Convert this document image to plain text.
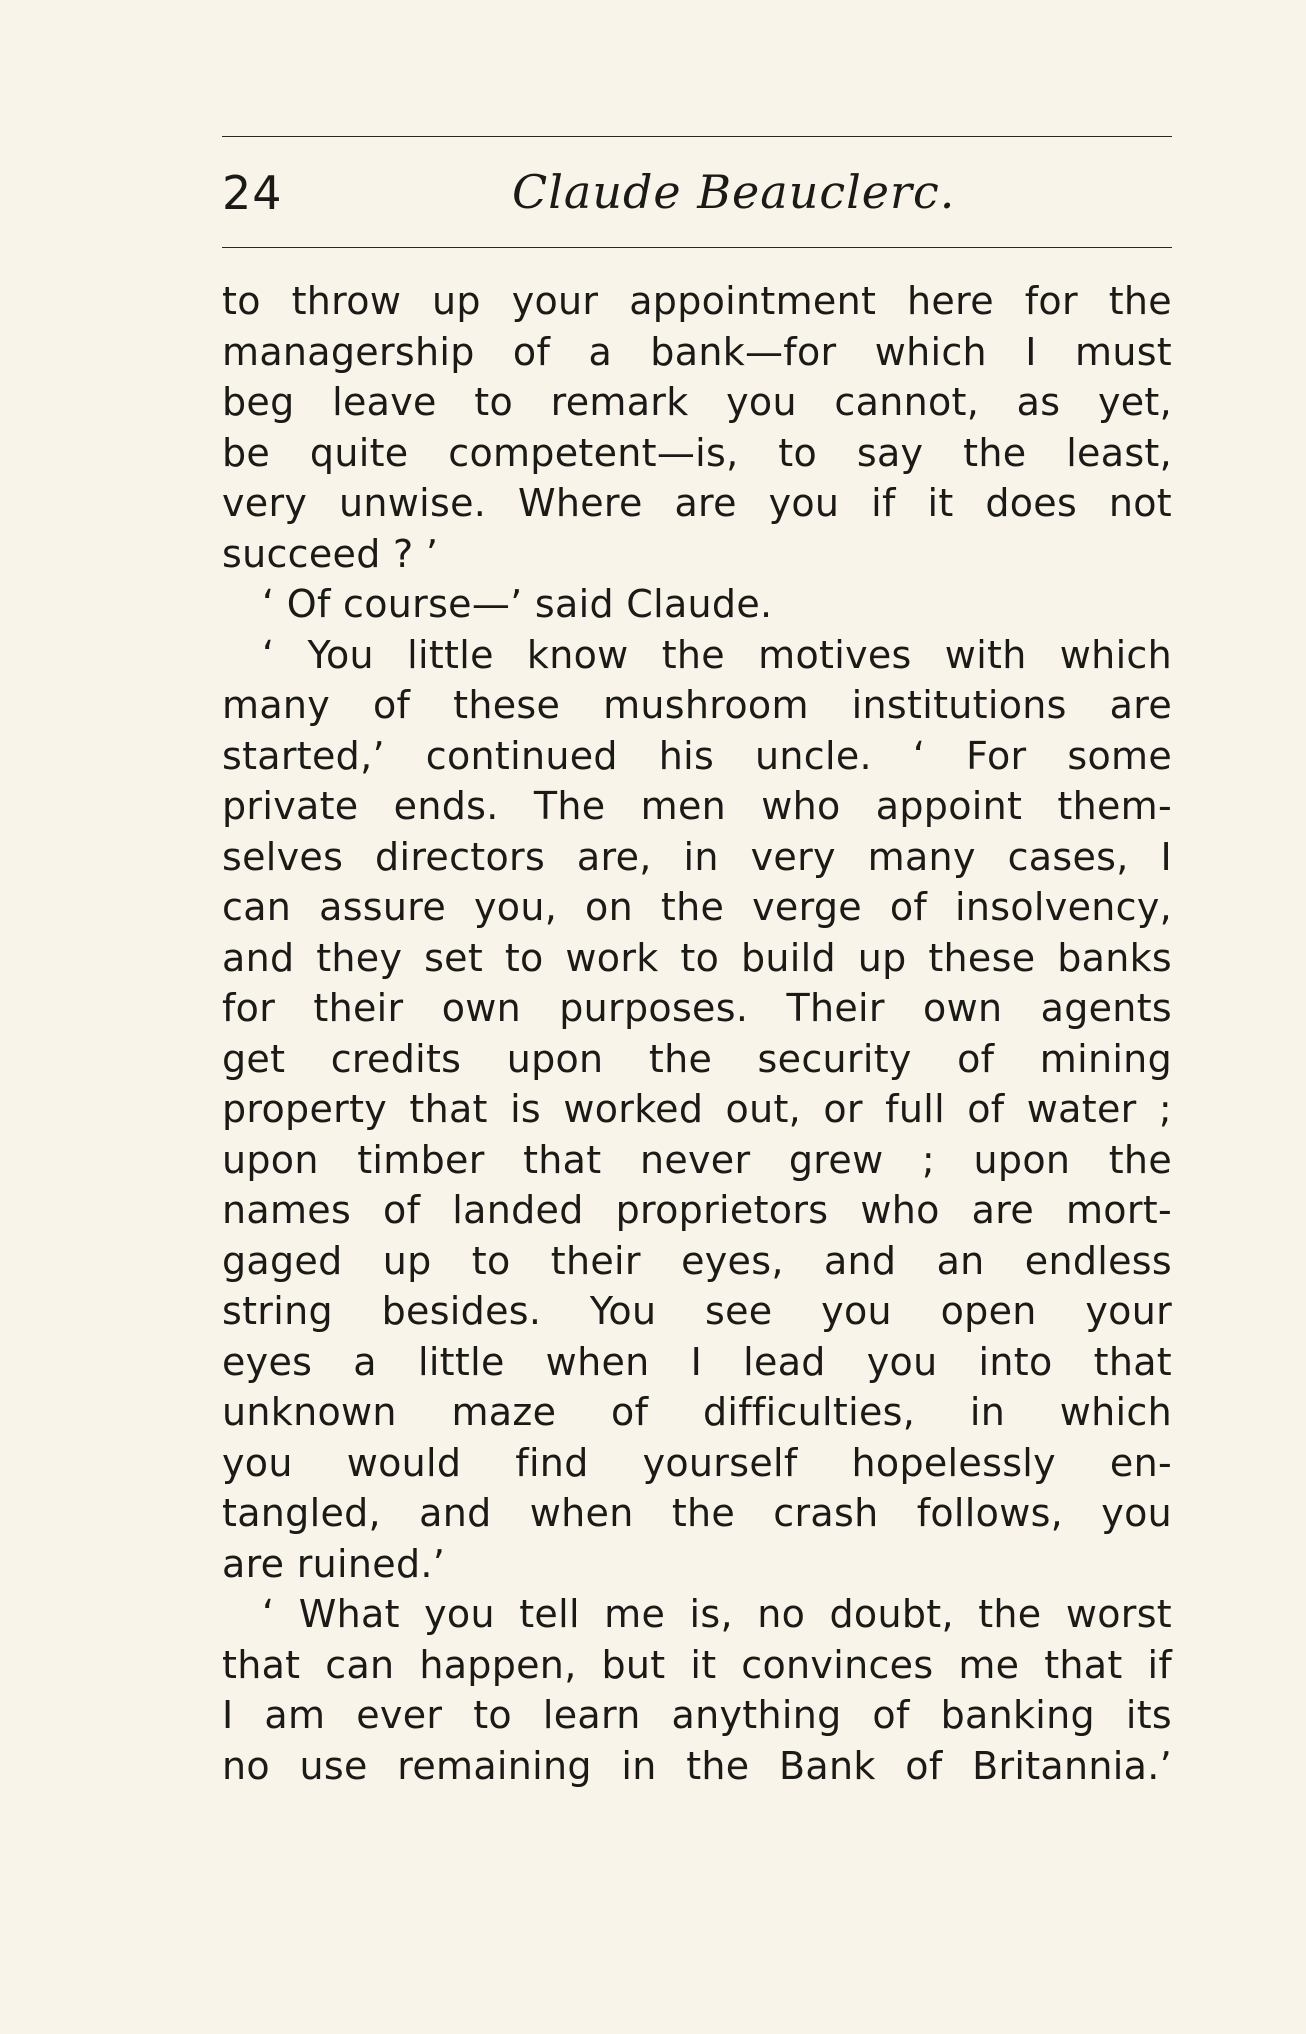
24	Claude Beauclerc.
to throw up your appointment here for the
managership of a bank—for which I must
beg leave to remark you cannot, as yet,
be quite competent—is, to say the least,
very unwise. Where are you if it does not
succeed ? ’
‘ Of course—’ said Claude.
‘ You little know the motives with which
many of these mushroom institutions are
started,’ continued his uncle. ‘ For some
private ends. The men who appoint them-
selves directors are, in very many cases, I
can assure you, on the verge of insolvency,
and they set to work to build up these banks
for their own purposes. Their own agents
get credits upon the security of mining
property that is worked out, or full of water ;
upon timber that never grew ; upon the
names of landed proprietors who are mort-
gaged up to their eyes, and an endless
string besides. You see you open your
eyes a little when I lead you into that
unknown maze of difficulties, in which
you would find yourself hopelessly en-
tangled, and when the crash follows, you
are ruined.’
‘ What you tell me is, no doubt, the worst
that can happen, but it convinces me that if
I am ever to learn anything of banking its
no use remaining in the Bank of Britannia.’
